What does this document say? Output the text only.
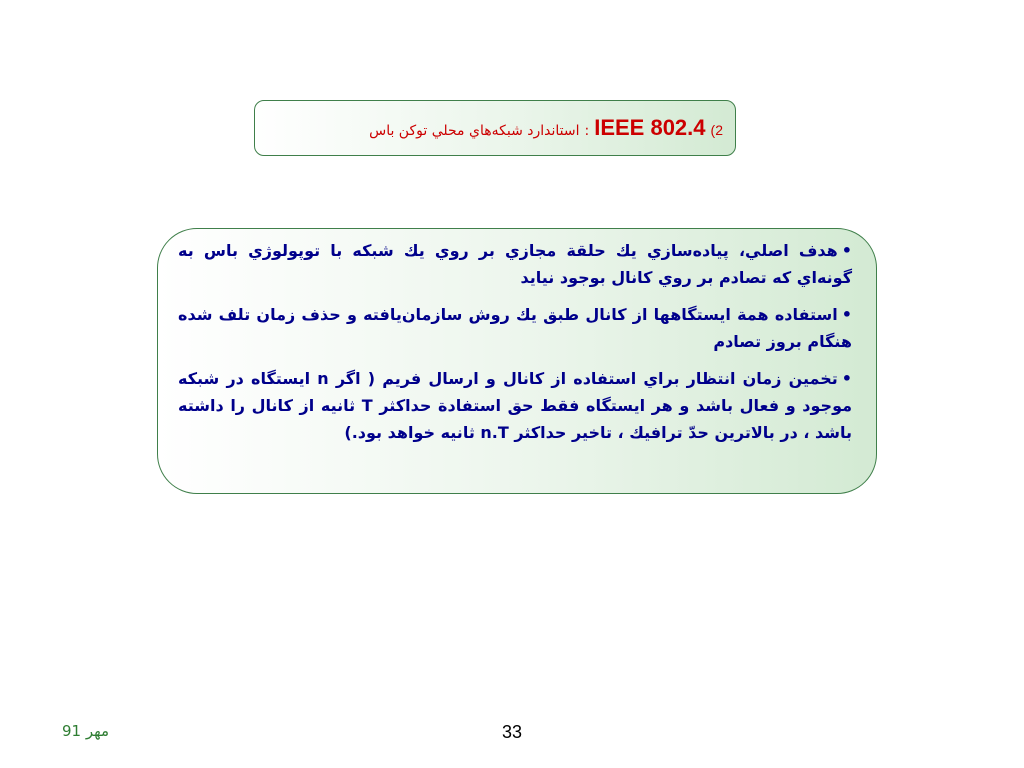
2)
IEEE 802.4
:
استاندارد شبكه‌هاي محلي توكن باس
•هدف اصلي، پياده‌سازي يك حلقة مجازي بر روي يك شبكه با توپولوژي باس به گونه‌اي كه تصادم بر روي كانال بوجود نيايد
•استفاده همة ايستگاهها از كانال طبق يك روش سازمان‌يافته و حذف زمان تلف شده هنگام بروز تصادم
•تخمين زمان انتظار براي استفاده از كانال و ارسال فريم ( اگر n ايستگاه در شبكه موجود و فعال باشد و هر ايستگاه فقط حق استفادة حداكثر T ثانيه از كانال را داشته باشد ، در بالاترين حدّ ترافيك ، تاخير حداكثر n.T ثانيه خواهد بود.)
33
مهر 91
